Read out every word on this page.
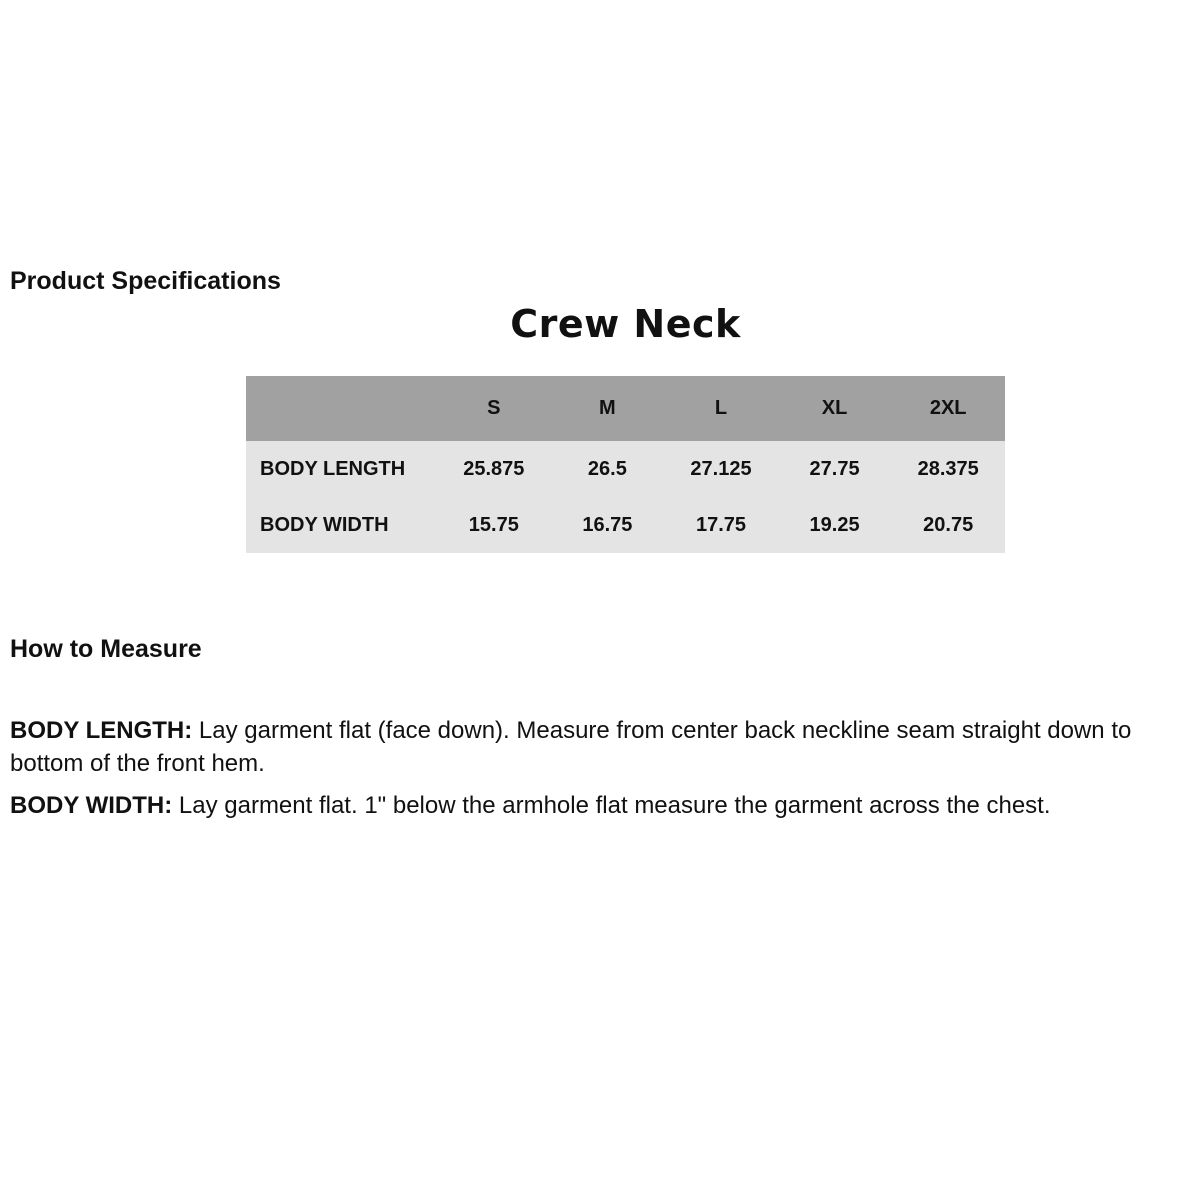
Product Specifications
Crew Neck
	S	M	L	XL	2XL
BODY LENGTH	25.875	26.5	27.125	27.75	28.375
BODY WIDTH	15.75	16.75	17.75	19.25	20.75
How to Measure

BODY LENGTH: Lay garment flat (face down). Measure from center back neckline seam straight down to bottom of the front hem.

BODY WIDTH: Lay garment flat. 1" below the armhole flat measure the garment across the chest.
